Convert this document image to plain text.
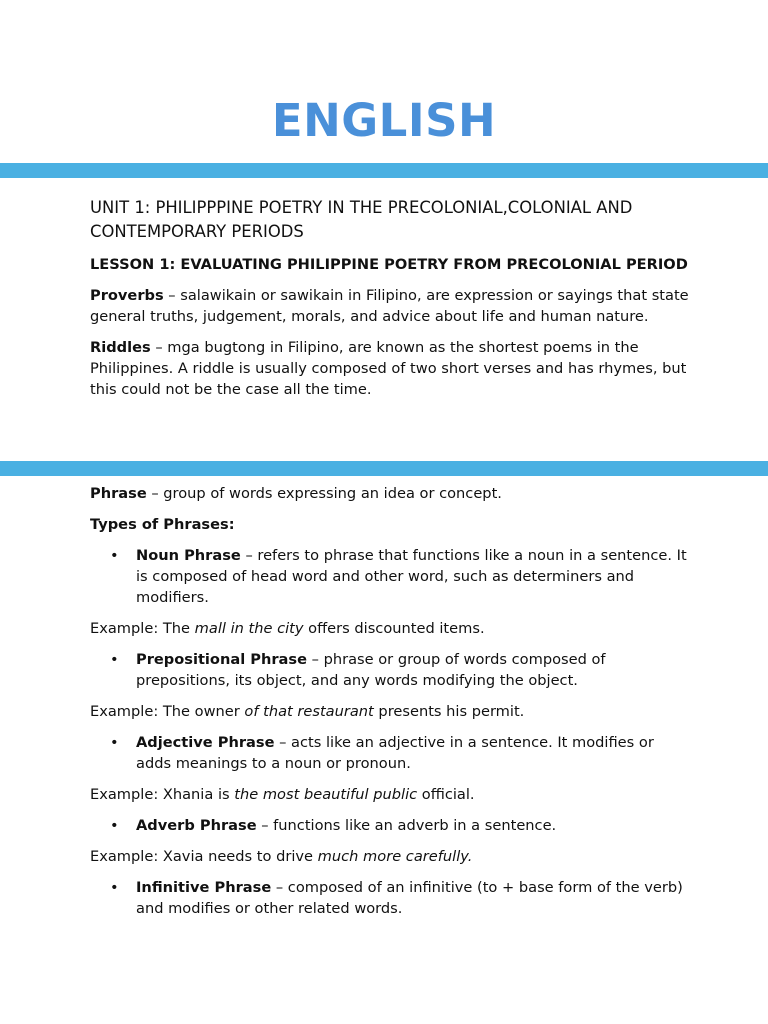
ENGLISH

UNIT 1: PHILIPPPINE POETRY IN THE PRECOLONIAL,COLONIAL AND CONTEMPORARY PERIODS

LESSON 1: EVALUATING PHILIPPINE POETRY FROM PRECOLONIAL PERIOD

Proverbs – salawikain or sawikain in Filipino, are expression or sayings that state general truths, judgement, morals, and advice about life and human nature.

Riddles – mga bugtong in Filipino, are known as the shortest poems in the Philippines. A riddle is usually composed of two short verses and has rhymes, but this could not be the case all the time.

Phrase – group of words expressing an idea or concept.

Types of Phrases:

• Noun Phrase – refers to phrase that functions like a noun in a sentence. It is composed of head word and other word, such as determiners and modifiers.

Example: The mall in the city offers discounted items.

• Prepositional Phrase – phrase or group of words composed of prepositions, its object, and any words modifying the object.

Example: The owner of that restaurant presents his permit.

• Adjective Phrase – acts like an adjective in a sentence. It modifies or adds meanings to a noun or pronoun.

Example: Xhania is the most beautiful public official.

• Adverb Phrase – functions like an adverb in a sentence.

Example: Xavia needs to drive much more carefully.

• Infinitive Phrase – composed of an infinitive (to + base form of the verb) and modifies or other related words.
